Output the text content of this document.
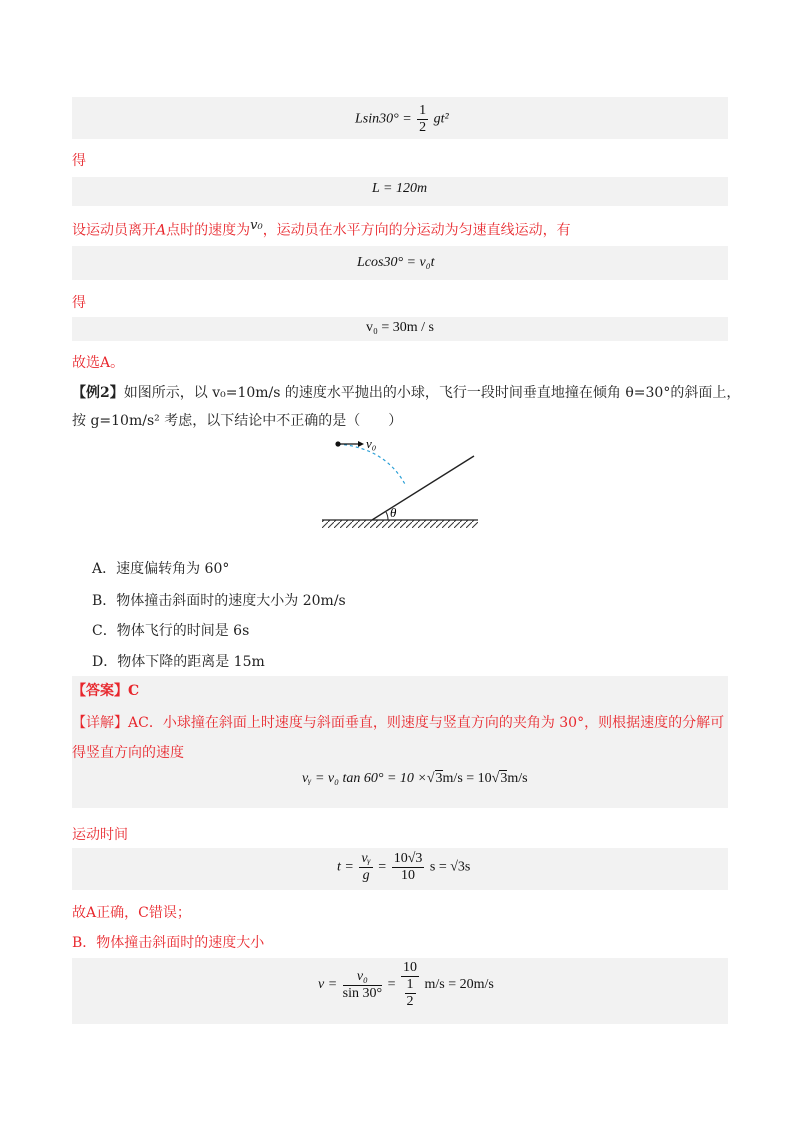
$Lsin30^\circ = \frac{1}{2} gt^2$
得
L = 120m
设运动员离开A点时的速度为$^{v_0}$，运动员在水平方向的分运动为匀速直线运动，有
Lcos30° = v₀t
得
v₀ = 30m / s
故选A。
【例2】如图所示，以 v₀=10m/s 的速度水平抛出的小球，飞行一段时间垂直地撞在倾角 θ=30°的斜面上，
按 g=10m/s² 考虑，以下结论中不正确的是（　　）
v₀
θ
A．速度偏转角为 60°
B．物体撞击斜面时的速度大小为 20m/s
C．物体飞行的时间是 6s
D．物体下降的距离是 15m
【答案】C
【详解】AC．小球撞在斜面上时速度与斜面垂直，则速度与竖直方向的夹角为 30°，则根据速度的分解可
得竖直方向的速度
vᵧ = v₀ tan 60° = 10 ×√3m/s = 10√3m/s
运动时间
$t = \frac{\text{vᵧ}}{g} = \frac{10√3}{10}$ s = √3s
故A正确，C错误；
B．物体撞击斜面时的速度大小
$v = \frac{\text{v₀}}{\sin 30^\circ} = \frac{10}{\frac{1}{2}} m/s = 20m/s$
